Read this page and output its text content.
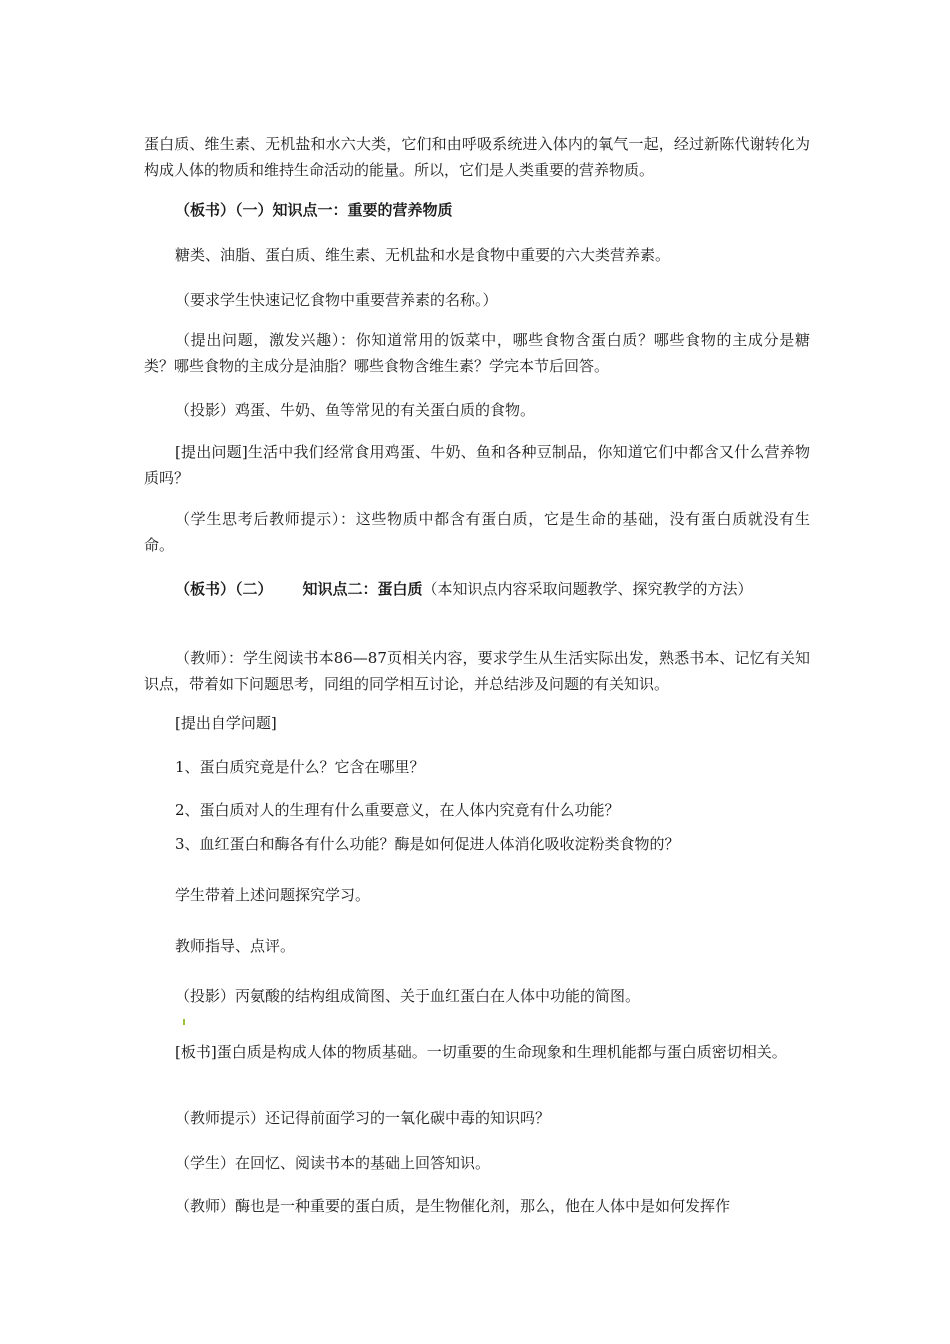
蛋白质、维生素、无机盐和水六大类，它们和由呼吸系统进入体内的氧气一起，经过新陈代谢转化为构成人体的物质和维持生命活动的能量。所以，它们是人类重要的营养物质。

（板书）（一）知识点一：重要的营养物质

糖类、油脂、蛋白质、维生素、无机盐和水是食物中重要的六大类营养素。

（要求学生快速记忆食物中重要营养素的名称。）

（提出问题，激发兴趣）：你知道常用的饭菜中，哪些食物含蛋白质？哪些食物的主成分是糖类？哪些食物的主成分是油脂？哪些食物含维生素？学完本节后回答。

（投影）鸡蛋、牛奶、鱼等常见的有关蛋白质的食物。

[提出问题]生活中我们经常食用鸡蛋、牛奶、鱼和各种豆制品，你知道它们中都含又什么营养物质吗？

（学生思考后教师提示）：这些物质中都含有蛋白质，它是生命的基础，没有蛋白质就没有生命。

（板书）（二） 知识点二：蛋白质（本知识点内容采取问题教学、探究教学的方法）

（教师）：学生阅读书本86—87页相关内容，要求学生从生活实际出发，熟悉书本、记忆有关知识点，带着如下问题思考，同组的同学相互讨论，并总结涉及问题的有关知识。

[提出自学问题]

1、蛋白质究竟是什么？它含在哪里？

2、蛋白质对人的生理有什么重要意义，在人体内究竟有什么功能？

3、血红蛋白和酶各有什么功能？酶是如何促进人体消化吸收淀粉类食物的？

学生带着上述问题探究学习。

教师指导、点评。

（投影）丙氨酸的结构组成简图、关于血红蛋白在人体中功能的简图。

[板书]蛋白质是构成人体的物质基础。一切重要的生命现象和生理机能都与蛋白质密切相关。

（教师提示）还记得前面学习的一氧化碳中毒的知识吗？

（学生）在回忆、阅读书本的基础上回答知识。

（教师）酶也是一种重要的蛋白质，是生物催化剂，那么，他在人体中是如何发挥作
